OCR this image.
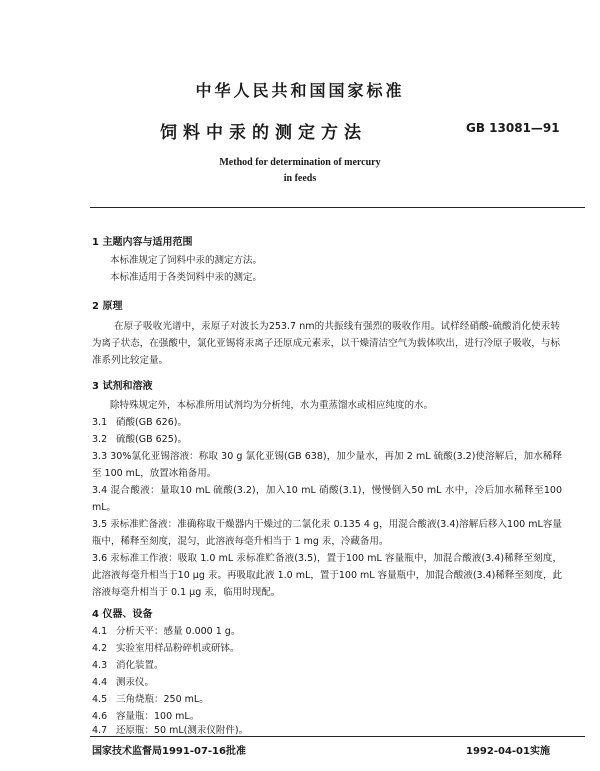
中华人民共和国国家标准
饲料中汞的测定方法	GB 13081—91
Method for determination of mercury
in feeds
1 主题内容与适用范围
本标准规定了饲料中汞的测定方法。
本标准适用于各类饲料中汞的测定。
2 原理
在原子吸收光谱中，汞原子对波长为253.7 nm的共振线有强烈的吸收作用。试样经硝酸-硫酸消化使汞转为离子状态，在强酸中，氯化亚锡将汞离子还原成元素汞，以干燥清洁空气为载体吹出，进行冷原子吸收，与标准系列比较定量。
3 试剂和溶液
除特殊规定外，本标准所用试剂均为分析纯，水为重蒸馏水或相应纯度的水。
3.1 硝酸(GB 626)。
3.2 硫酸(GB 625)。
3.3 30%氯化亚锡溶液：称取 30 g 氯化亚锡(GB 638)，加少量水，再加 2 mL 硫酸(3.2)使溶解后，加水稀释至 100 mL，放置冰箱备用。
3.4 混合酸液：量取10 mL 硫酸(3.2)，加入10 mL 硝酸(3.1)，慢慢倒入50 mL 水中，冷后加水稀释至100 mL。
3.5 汞标准贮备液：准确称取干燥器内干燥过的二氯化汞 0.135 4 g，用混合酸液(3.4)溶解后移入100 mL容量瓶中，稀释至刻度，混匀，此溶液每毫升相当于 1 mg 汞，冷藏备用。
3.6 汞标准工作液：吸取 1.0 mL 汞标准贮备液(3.5)，置于100 mL 容量瓶中，加混合酸液(3.4)稀释至刻度，此溶液每毫升相当于10 μg 汞。再吸取此液 1.0 mL，置于100 mL 容量瓶中，加混合酸液(3.4)稀释至刻度，此溶液每毫升相当于 0.1 μg 汞，临用时现配。
4 仪器、设备
4.1 分析天平：感量 0.000 1 g。
4.2 实验室用样品粉碎机或研钵。
4.3 消化装置。
4.4 测汞仪。
4.5 三角烧瓶：250 mL。
4.6 容量瓶：100 mL。
4.7 还原瓶：50 mL(测汞仪附件)。
国家技术监督局1991-07-16批准	1992-04-01实施
